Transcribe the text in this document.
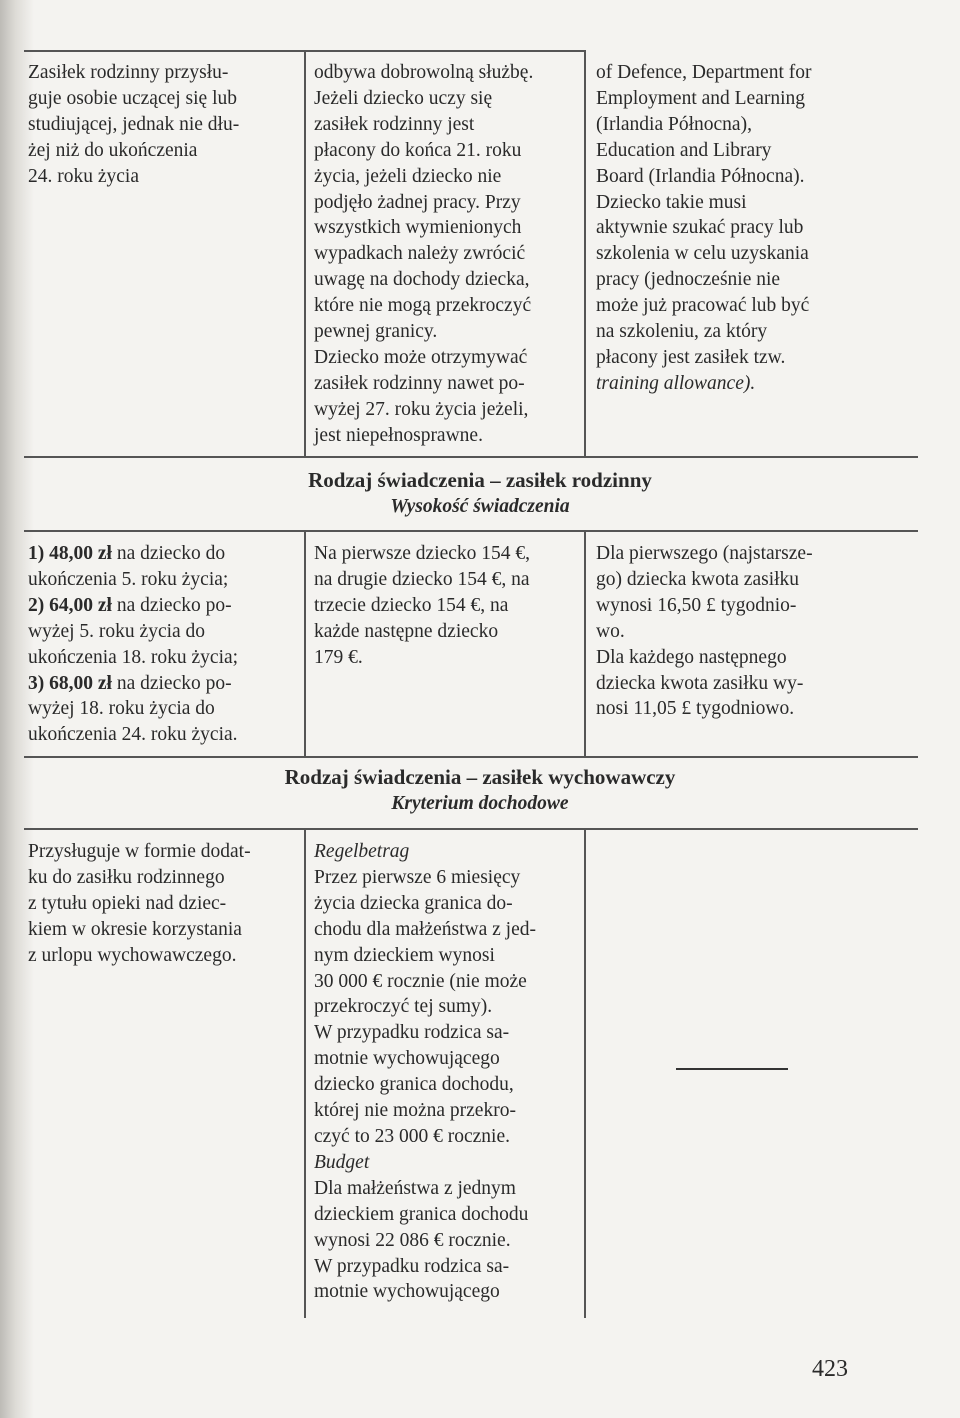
Zasiłek rodzinny przysłu-
guje osobie uczącej się lub
studiującej, jednak nie dłu-
żej niż do ukończenia
24. roku życia

odbywa dobrowolną służbę.
Jeżeli dziecko uczy się
zasiłek rodzinny jest
płacony do końca 21. roku
życia, jeżeli dziecko nie
podjęło żadnej pracy. Przy
wszystkich wymienionych
wypadkach należy zwrócić
uwagę na dochody dziecka,
które nie mogą przekroczyć
pewnej granicy.
Dziecko może otrzymywać
zasiłek rodzinny nawet po-
wyżej 27. roku życia jeżeli,
jest niepełnosprawne.

of Defence, Department for
Employment and Learning
(Irlandia Północna),
Education and Library
Board (Irlandia Północna).
Dziecko takie musi
aktywnie szukać pracy lub
szkolenia w celu uzyskania
pracy (jednocześnie nie
może już pracować lub być
na szkoleniu, za który
płacony jest zasiłek tzw.
training allowance).
Rodzaj świadczenia – zasiłek rodzinny
Wysokość świadczenia
1) 48,00 zł na dziecko do
ukończenia 5. roku życia;
2) 64,00 zł na dziecko po-
wyżej 5. roku życia do
ukończenia 18. roku życia;
3) 68,00 zł na dziecko po-
wyżej 18. roku życia do
ukończenia 24. roku życia.

Na pierwsze dziecko 154 €,
na drugie dziecko 154 €, na
trzecie dziecko 154 €, na
każde następne dziecko
179 €.

Dla pierwszego (najstarsze-
go) dziecka kwota zasiłku
wynosi 16,50 £ tygodnio-
wo.
Dla każdego następnego
dziecka kwota zasiłku wy-
nosi 11,05 £ tygodniowo.

Rodzaj świadczenia – zasiłek wychowawczy
Kryterium dochodowe

Przysługuje w formie dodat-
ku do zasiłku rodzinnego
z tytułu opieki nad dziec-
kiem w okresie korzystania
z urlopu wychowawczego.

Regelbetrag
Przez pierwsze 6 miesięcy
życia dziecka granica do-
chodu dla małżeństwa z jed-
nym dzieckiem wynosi
30 000 € rocznie (nie może
przekroczyć tej sumy).
W przypadku rodzica sa-
motnie wychowującego
dziecko granica dochodu,
której nie można przekro-
czyć to 23 000 € rocznie.
Budget
Dla małżeństwa z jednym
dzieckiem granica dochodu
wynosi 22 086 € rocznie.
W przypadku rodzica sa-
motnie wychowującego
423
